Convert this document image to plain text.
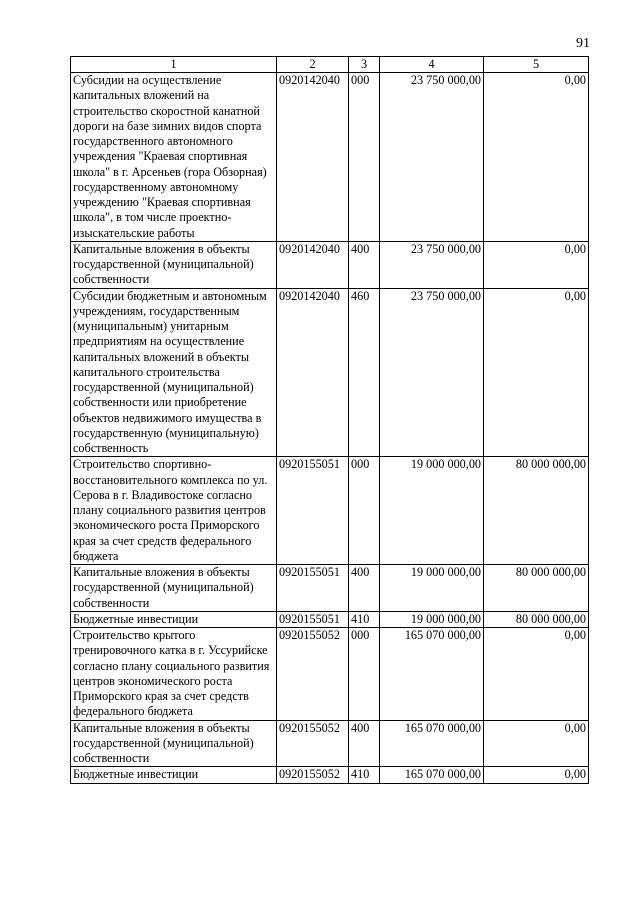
91
1	2	3	4	5
Субсидии на осуществление капитальных вложений на строительство скоростной канатной дороги на базе зимних видов спорта государственного автономного учреждения "Краевая спортивная школа" в г. Арсеньев (гора Обзорная) государственному автономному учреждению "Краевая спортивная школа", в том числе проектно-изыскательские работы	0920142040	000	23 750 000,00	0,00
Капитальные вложения в объекты государственной (муниципальной) собственности	0920142040	400	23 750 000,00	0,00
Субсидии бюджетным и автономным учреждениям, государственным (муниципальным) унитарным предприятиям на осуществление капитальных вложений в объекты капитального строительства государственной (муниципальной) собственности или приобретение объектов недвижимого имущества в государственную (муниципальную) собственность	0920142040	460	23 750 000,00	0,00
Строительство спортивно-восстановительного комплекса по ул. Серова в г. Владивостоке согласно плану социального развития центров экономического роста Приморского края за счет средств федерального бюджета	0920155051	000	19 000 000,00	80 000 000,00
Капитальные вложения в объекты государственной (муниципальной) собственности	0920155051	400	19 000 000,00	80 000 000,00
Бюджетные инвестиции	0920155051	410	19 000 000,00	80 000 000,00
Строительство крытого тренировочного катка в г. Уссурийске согласно плану социального развития центров экономического роста Приморского края за счет средств федерального бюджета	0920155052	000	165 070 000,00	0,00
Капитальные вложения в объекты государственной (муниципальной) собственности	0920155052	400	165 070 000,00	0,00
Бюджетные инвестиции	0920155052	410	165 070 000,00	0,00
